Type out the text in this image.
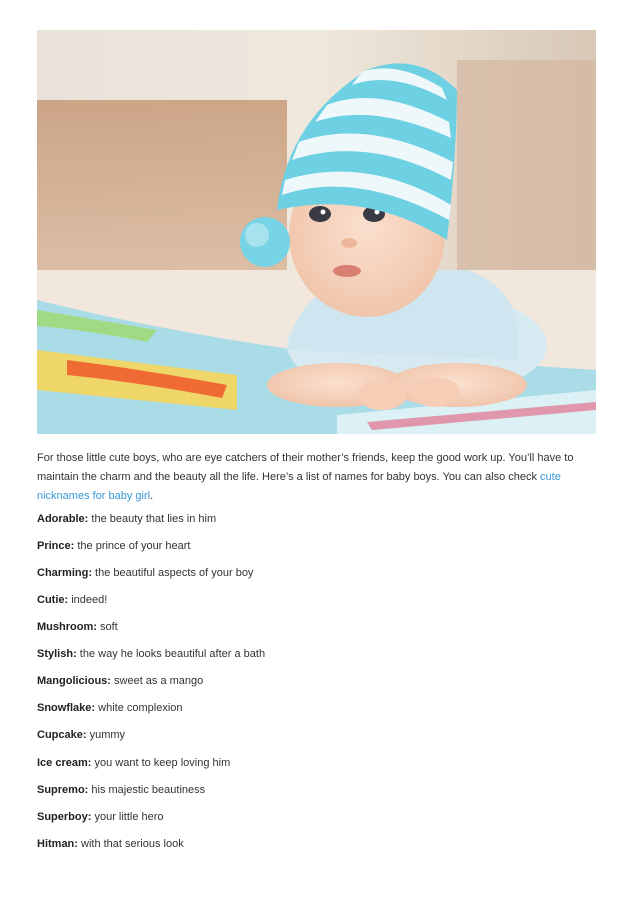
For those little cute boys, who are eye catchers of their mother’s friends, keep the good work up. You’ll have to maintain the charm and the beauty all the life. Here’s a list of names for baby boys. You can also check cute nicknames for baby girl.

Adorable: the beauty that lies in him

Prince: the prince of your heart

Charming: the beautiful aspects of your boy

Cutie: indeed!

Mushroom: soft

Stylish: the way he looks beautiful after a bath

Mangolicious: sweet as a mango

Snowflake: white complexion

Cupcake: yummy

Ice cream: you want to keep loving him

Supremo: his majestic beautiness

Superboy: your little hero

Hitman: with that serious look
